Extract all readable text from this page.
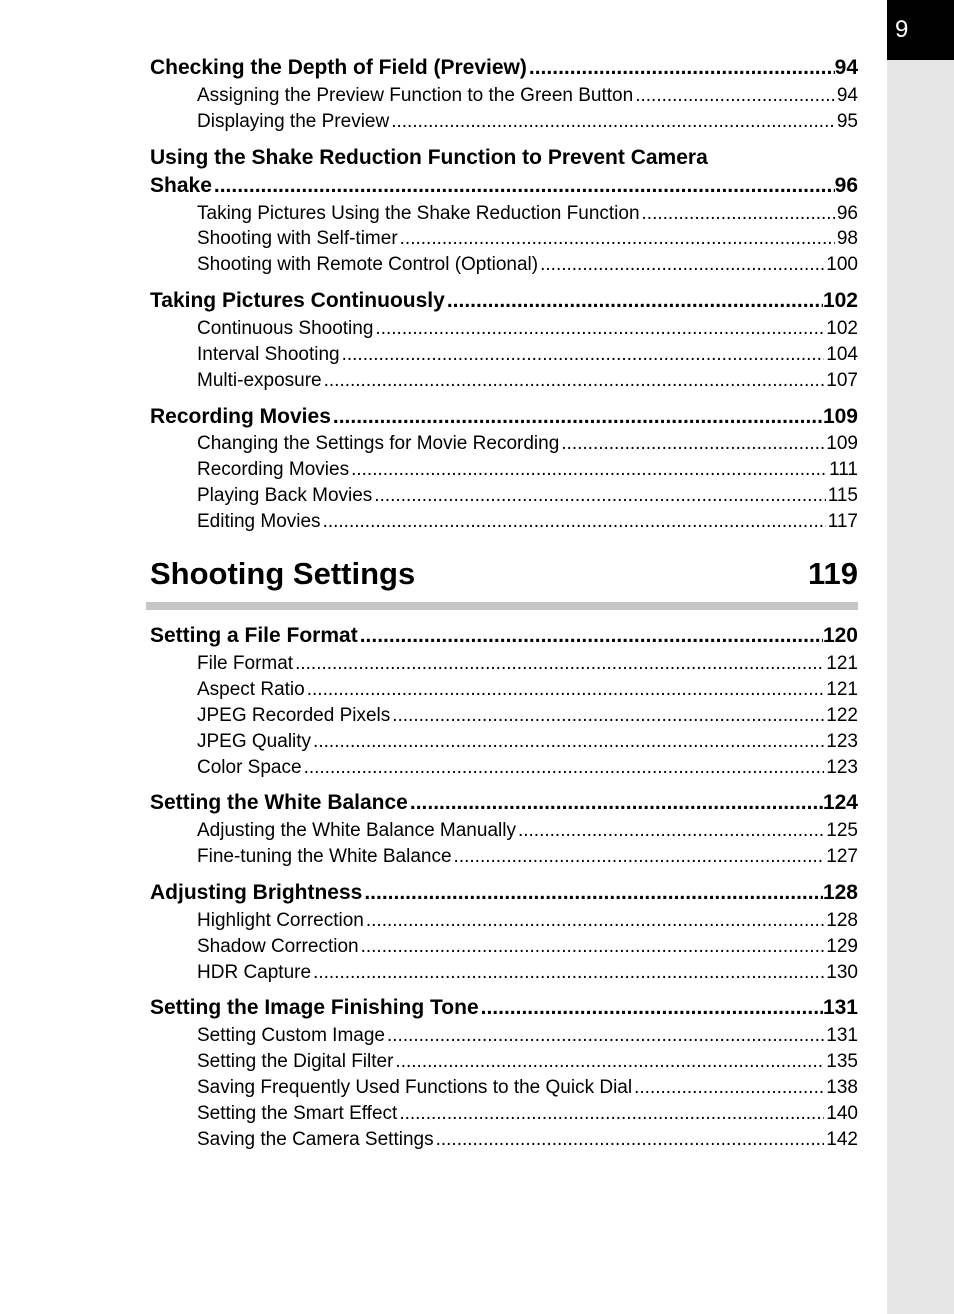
9
Checking the Depth of Field (Preview) .....	94
Assigning the Preview Function to the Green Button .....	94
Displaying the Preview .....	95
Using the Shake Reduction Function to Prevent Camera
Shake .....	96
Taking Pictures Using the Shake Reduction Function .....	96
Shooting with Self-timer .....	98
Shooting with Remote Control (Optional) .....	100
Taking Pictures Continuously .....	102
Continuous Shooting .....	102
Interval Shooting .....	104
Multi-exposure .....	107
Recording Movies .....	109
Changing the Settings for Movie Recording .....	109
Recording Movies .....	111
Playing Back Movies .....	115
Editing Movies .....	117
Shooting Settings	119
Setting a File Format .....	120
File Format .....	121
Aspect Ratio .....	121
JPEG Recorded Pixels .....	122
JPEG Quality .....	123
Color Space .....	123
Setting the White Balance .....	124
Adjusting the White Balance Manually .....	125
Fine-tuning the White Balance .....	127
Adjusting Brightness .....	128
Highlight Correction .....	128
Shadow Correction .....	129
HDR Capture .....	130
Setting the Image Finishing Tone .....	131
Setting Custom Image .....	131
Setting the Digital Filter .....	135
Saving Frequently Used Functions to the Quick Dial .....	138
Setting the Smart Effect .....	140
Saving the Camera Settings .....	142
